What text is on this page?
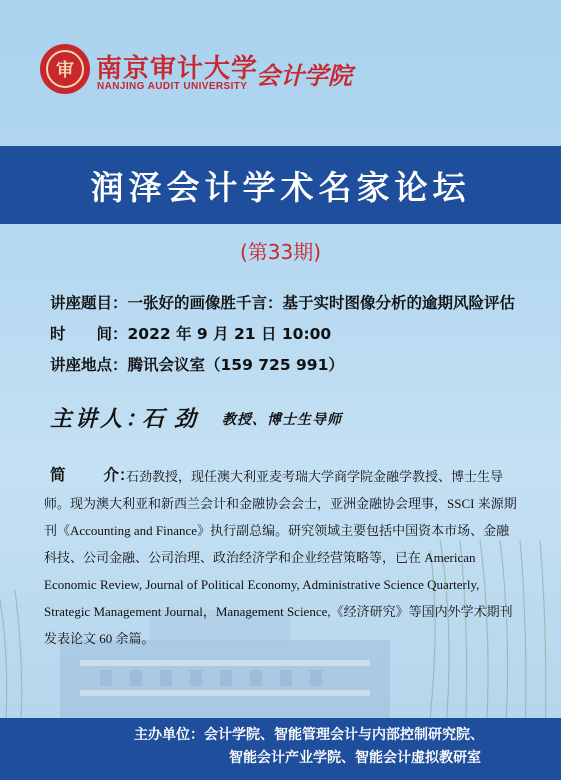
审 南京审计大学
NANJING AUDIT UNIVERSITY 会计学院
润泽会计学术名家论坛
(第33期)
讲座题目：一张好的画像胜千言：基于实时图像分析的逾期风险评估
时　　间：2022 年 9 月 21 日 10:00
讲座地点：腾讯会议室（159 725 991）
主讲人：
石劲 教授、博士生导师
简 介：
石劲教授，现任澳大利亚麦考瑞大学商学院金融学教授、博士生导师。现为澳大利亚和新西兰会计和金融协会会士，亚洲金融协会理事，SSCI 来源期刊《Accounting and Finance》执行副总编。研究领域主要包括中国资本市场、金融科技、公司金融、公司治理、政治经济学和企业经营策略等，已在 American Economic Review, Journal of Political Economy, Administrative Science Quarterly, Strategic Management Journal，Management Science,《经济研究》等国内外学术期刊发表论文 60 余篇。
主办单位：会计学院、智能管理会计与内部控制研究院、
智能会计产业学院、智能会计虚拟教研室
